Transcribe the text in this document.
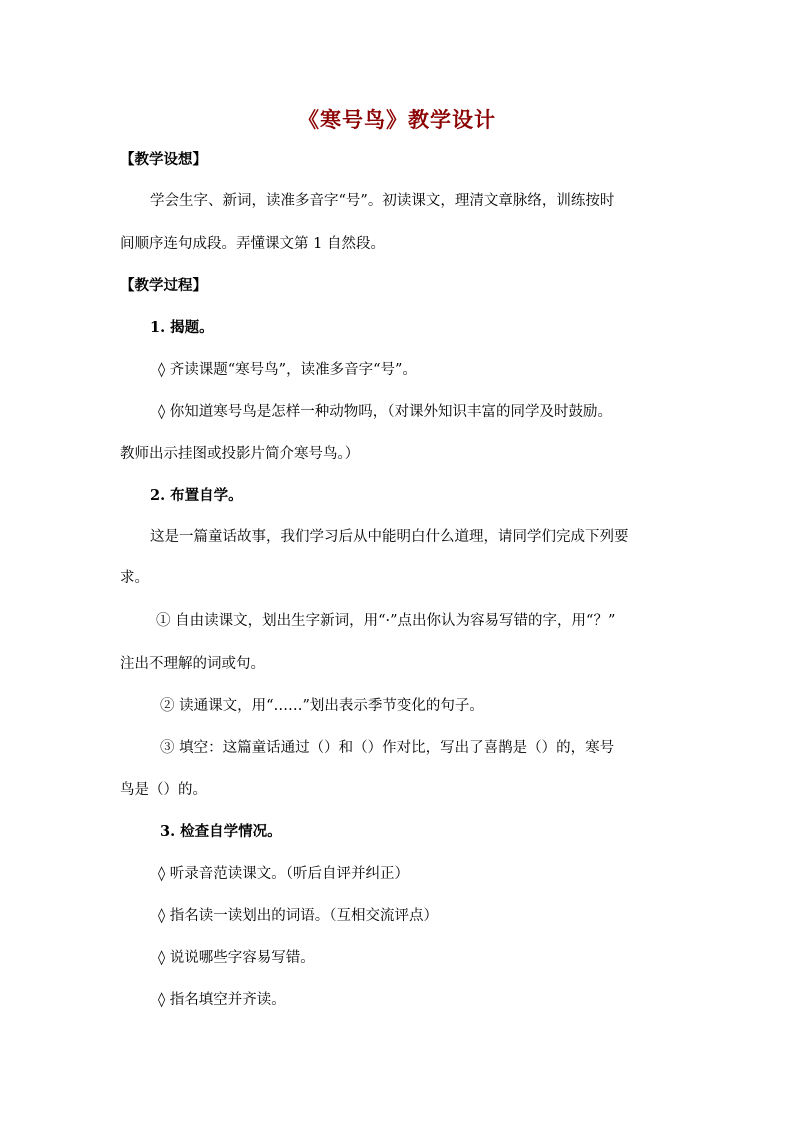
《寒号鸟》教学设计
【教学设想】
学会生字、新词，读准多音字“号”。初读课文，理清文章脉络，训练按时
间顺序连句成段。弄懂课文第 1 自然段。
【教学过程】
1. 揭题。
◊ 齐读课题“寒号鸟”，读准多音字“号”。
◊ 你知道寒号鸟是怎样一种动物吗，（对课外知识丰富的同学及时鼓励。
教师出示挂图或投影片简介寒号鸟。）
2. 布置自学。
这是一篇童话故事，我们学习后从中能明白什么道理，请同学们完成下列要
求。
① 自由读课文，划出生字新词，用“·”点出你认为容易写错的字，用“？”
注出不理解的词或句。
② 读通课文，用“……”划出表示季节变化的句子。
③ 填空：这篇童话通过（）和（）作对比，写出了喜鹊是（）的，寒号
鸟是（）的。
3. 检查自学情况。
◊ 听录音范读课文。（听后自评并纠正）
◊ 指名读一读划出的词语。（互相交流评点）
◊ 说说哪些字容易写错。
◊ 指名填空并齐读。
